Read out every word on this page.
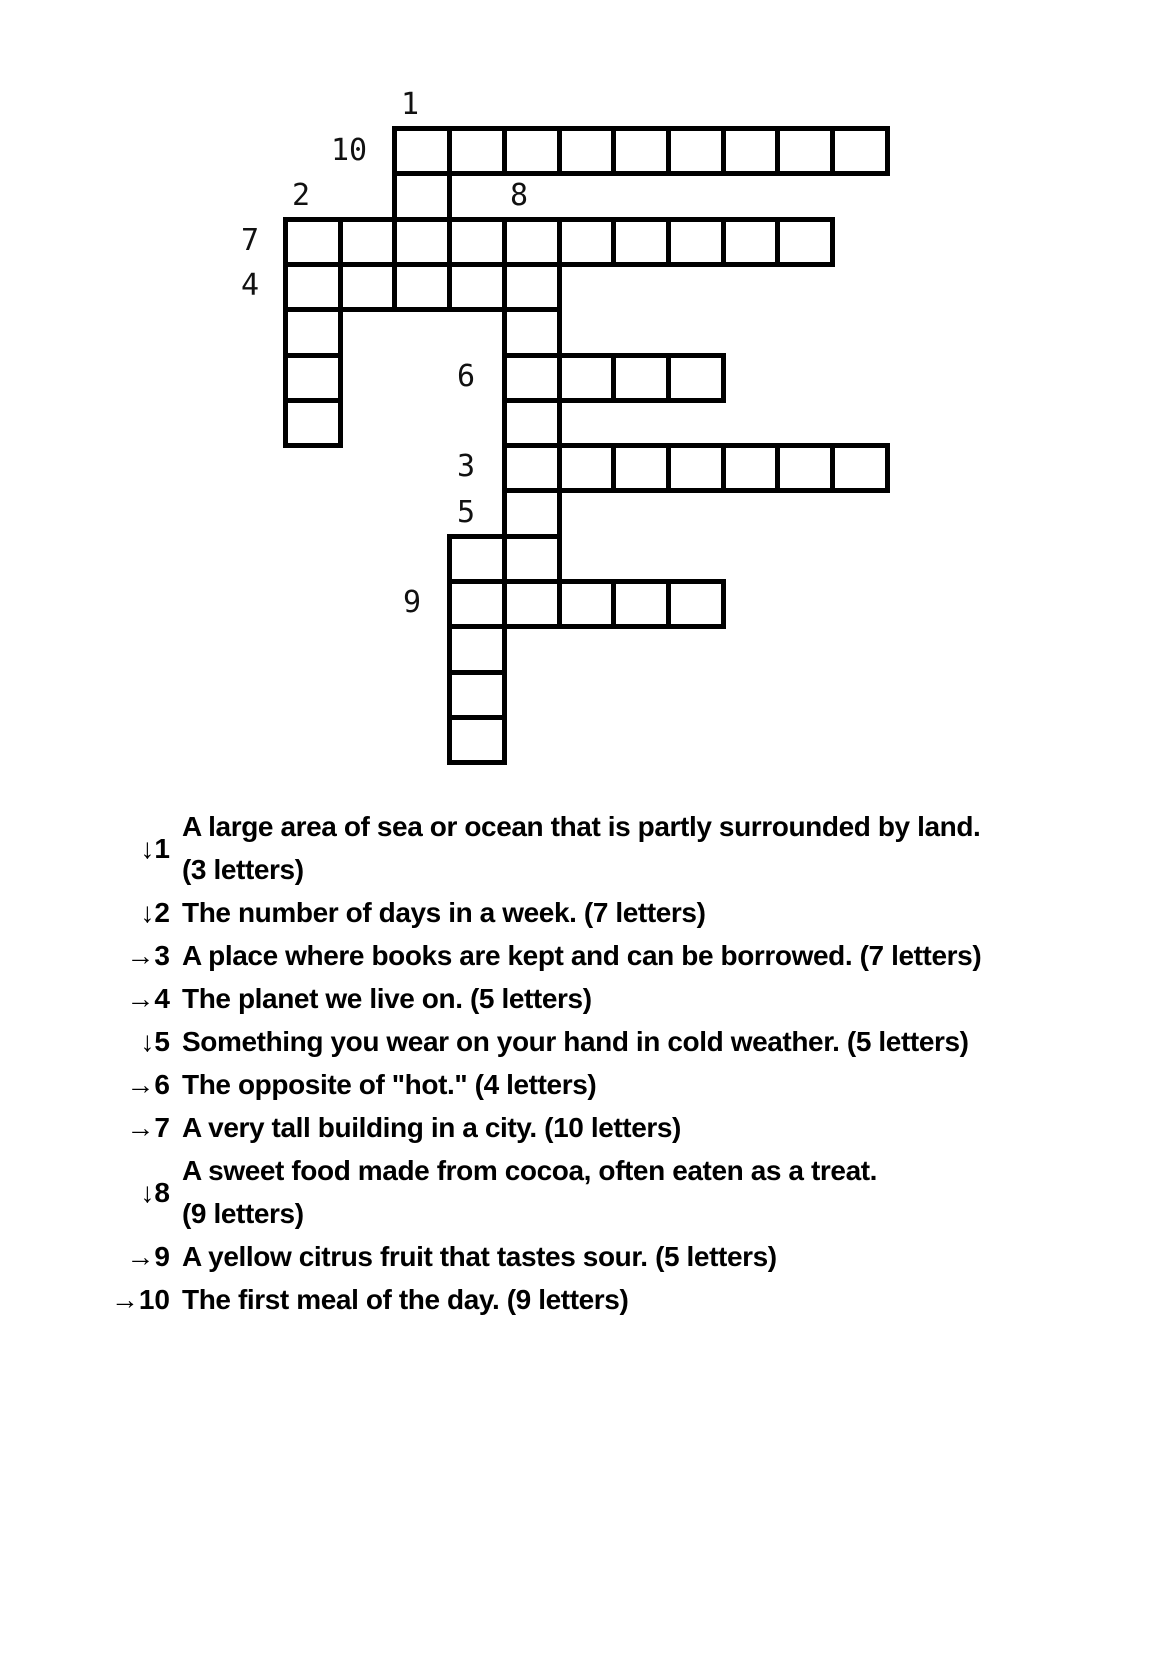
1
10
2	8
7
4
6
3
5
9
↓ 1
A large area of sea or ocean that is partly surrounded by land.
(3 letters)
↓ 2 The number of days in a week. (7 letters)
→ 3 A place where books are kept and can be borrowed. (7 letters)
→ 4 The planet we live on. (5 letters)
↓ 5 Something you wear on your hand in cold weather. (5 letters)
→ 6 The opposite of "hot." (4 letters)
→ 7 A very tall building in a city. (10 letters)
↓ 8
A sweet food made from cocoa, often eaten as a treat.
(9 letters)
→ 9 A yellow citrus fruit that tastes sour. (5 letters)
→ 10 The first meal of the day. (9 letters)
